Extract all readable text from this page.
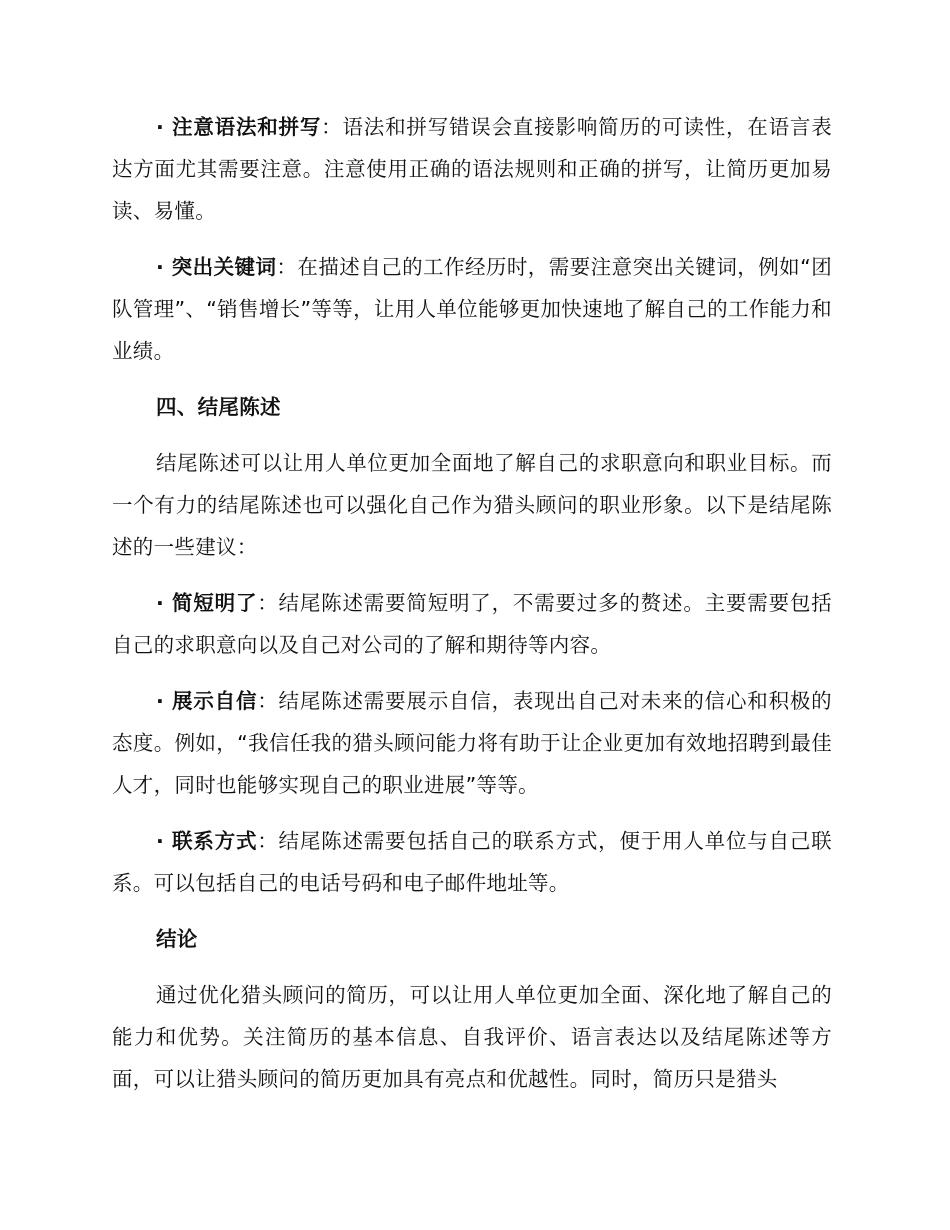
· 注意语法和拼写：语法和拼写错误会直接影响简历的可读性，在语言表达方面尤其需要注意。注意使用正确的语法规则和正确的拼写，让简历更加易读、易懂。

· 突出关键词：在描述自己的工作经历时，需要注意突出关键词，例如“团队管理”、“销售增长”等等，让用人单位能够更加快速地了解自己的工作能力和业绩。

四、结尾陈述

结尾陈述可以让用人单位更加全面地了解自己的求职意向和职业目标。而一个有力的结尾陈述也可以强化自己作为猎头顾问的职业形象。以下是结尾陈述的一些建议：

· 简短明了：结尾陈述需要简短明了，不需要过多的赘述。主要需要包括自己的求职意向以及自己对公司的了解和期待等内容。

· 展示自信：结尾陈述需要展示自信，表现出自己对未来的信心和积极的态度。例如，“我信任我的猎头顾问能力将有助于让企业更加有效地招聘到最佳人才，同时也能够实现自己的职业进展”等等。

· 联系方式：结尾陈述需要包括自己的联系方式，便于用人单位与自己联系。可以包括自己的电话号码和电子邮件地址等。

结论

通过优化猎头顾问的简历，可以让用人单位更加全面、深化地了解自己的能力和优势。关注简历的基本信息、自我评价、语言表达以及结尾陈述等方面，可以让猎头顾问的简历更加具有亮点和优越性。同时，简历只是猎头
